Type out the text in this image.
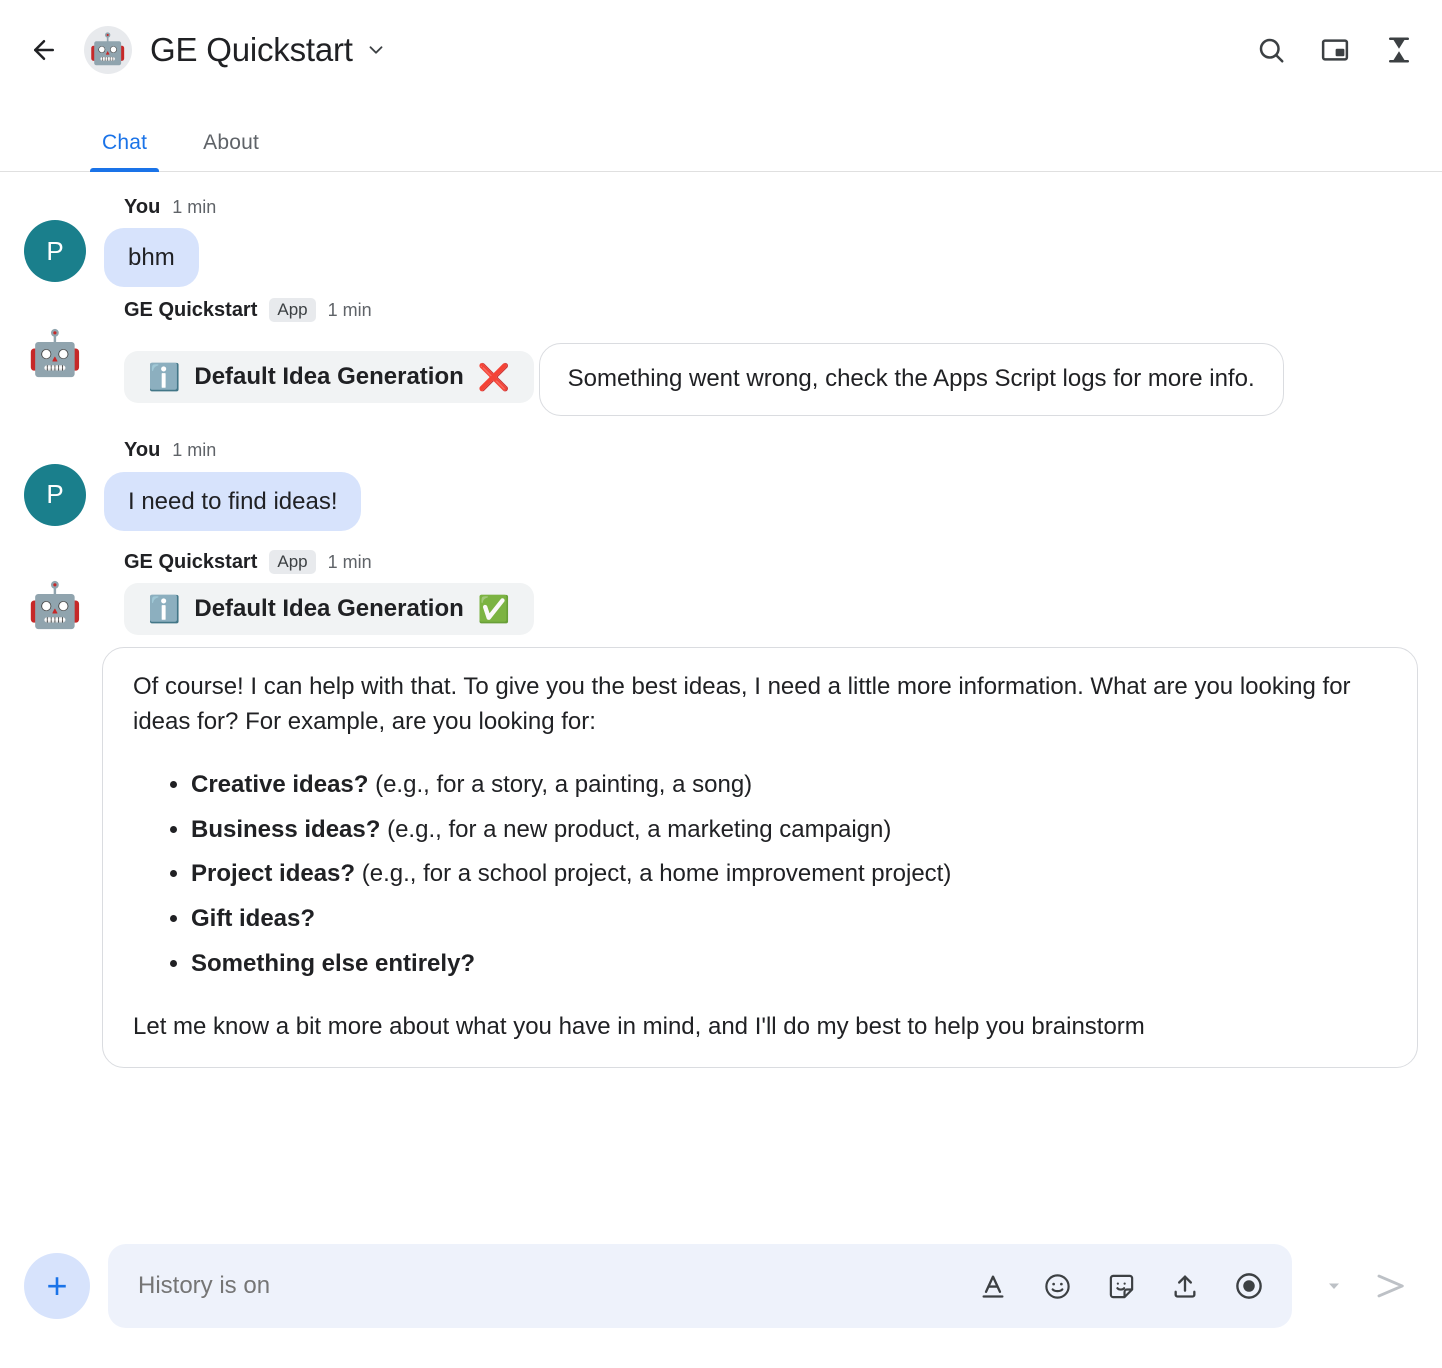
🤖 GE Quickstart
Chat	About
P
You 1 min
bhm
🤖
GE Quickstart	App	1 min
ℹ️ Default Idea Generation ❌
Something went wrong, check the Apps Script logs for more info.

P
You 1 min
I need to find ideas!
🤖
GE Quickstart	App	1 min
ℹ️ Default Idea Generation ✅

Of course! I can help with that. To give you the best ideas, I need a little more information. What are you looking for ideas for? For example, are you looking for:

• Creative ideas? (e.g., for a story, a painting, a song)
• Business ideas? (e.g., for a new product, a marketing campaign)
• Project ideas? (e.g., for a school project, a home improvement project)
• Gift ideas?
• Something else entirely?

Let me know a bit more about what you have in mind, and I'll do my best to help you brainstorm

+
History is on
